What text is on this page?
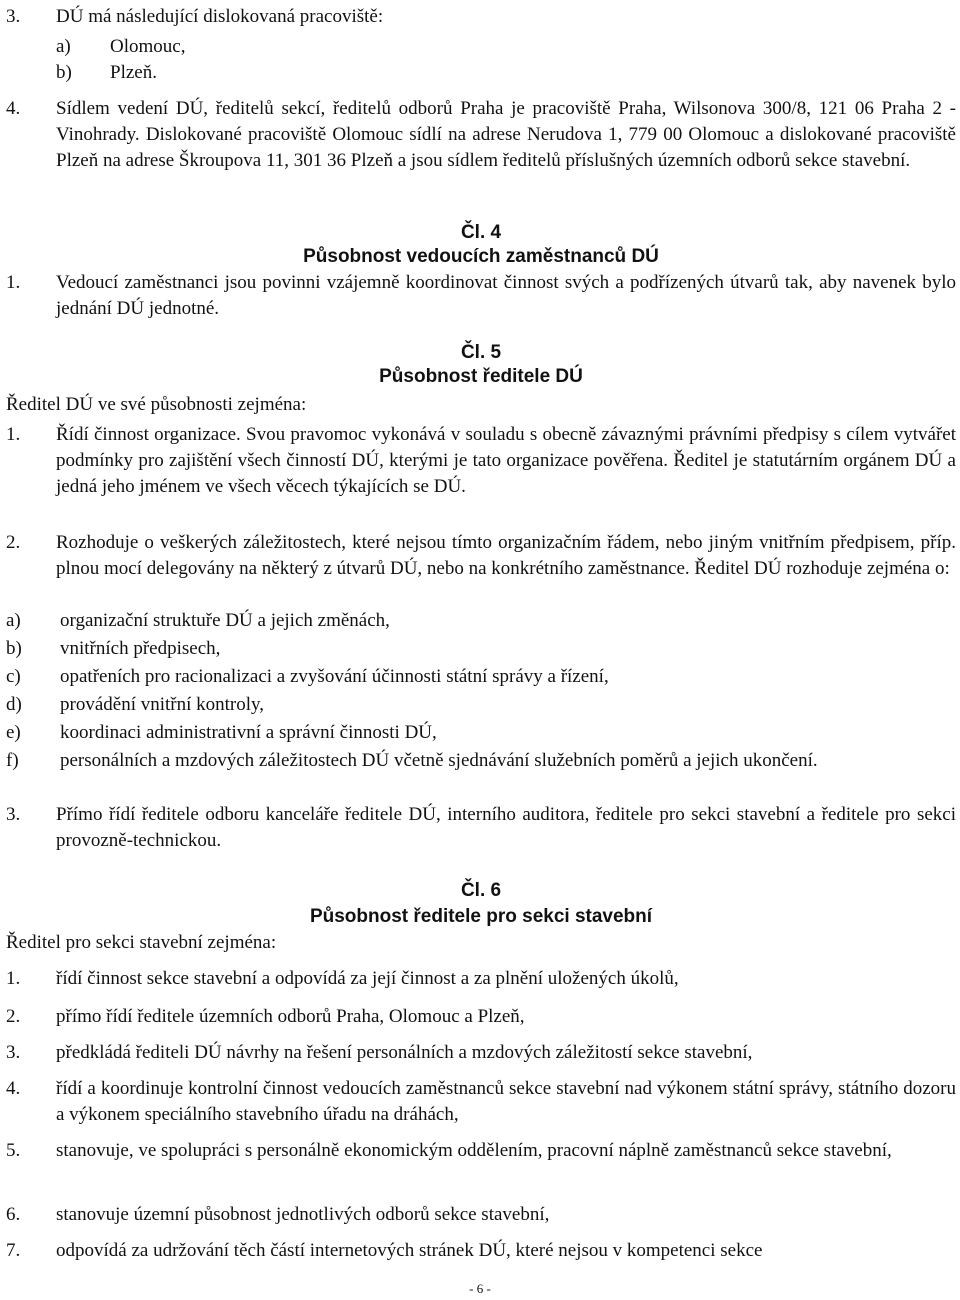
3.	DÚ má následující dislokovaná pracoviště:
a)	Olomouc,
b)	Plzeň.
4.	Sídlem vedení DÚ, ředitelů sekcí, ředitelů odborů Praha je pracoviště Praha, Wilsonova 300/8, 121 06 Praha 2 - Vinohrady. Dislokované pracoviště Olomouc sídlí na adrese Nerudova 1, 779 00 Olomouc a dislokované pracoviště Plzeň na adrese Škroupova 11, 301 36 Plzeň a jsou sídlem ředitelů příslušných územních odborů sekce stavební.
Čl. 4
Působnost vedoucích zaměstnanců DÚ
1.	Vedoucí zaměstnanci jsou povinni vzájemně koordinovat činnost svých a podřízených útvarů tak, aby navenek bylo jednání DÚ jednotné.
Čl. 5
Působnost ředitele DÚ
Ředitel DÚ ve své působnosti zejména:
1.	Řídí činnost organizace. Svou pravomoc vykonává v souladu s obecně závaznými právními předpisy s cílem vytvářet podmínky pro zajištění všech činností DÚ, kterými je tato organizace pověřena. Ředitel je statutárním orgánem DÚ a jedná jeho jménem ve všech věcech týkajících se DÚ.
2.	Rozhoduje o veškerých záležitostech, které nejsou tímto organizačním řádem, nebo jiným vnitřním předpisem, příp. plnou mocí delegovány na některý z útvarů DÚ, nebo na konkrétního zaměstnance. Ředitel DÚ rozhoduje zejména o:
a)	organizační struktuře DÚ a jejich změnách,
b)	vnitřních předpisech,
c)	opatřeních pro racionalizaci a zvyšování účinnosti státní správy a řízení,
d)	provádění vnitřní kontroly,
e)	koordinaci administrativní a správní činnosti DÚ,
f)	personálních a mzdových záležitostech DÚ včetně sjednávání služebních poměrů a jejich ukončení.
3.	Přímo řídí ředitele odboru kanceláře ředitele DÚ, interního auditora, ředitele pro sekci stavební a ředitele pro sekci provozně-technickou.
Čl. 6
Působnost ředitele pro sekci stavební
Ředitel pro sekci stavební zejména:
1.	řídí činnost sekce stavební a odpovídá za její činnost a za plnění uložených úkolů,
2.	přímo řídí ředitele územních odborů Praha, Olomouc a Plzeň,
3.	předkládá řediteli DÚ návrhy na řešení personálních a mzdových záležitostí sekce stavební,
4.	řídí a koordinuje kontrolní činnost vedoucích zaměstnanců sekce stavební nad výkonem státní správy, státního dozoru a výkonem speciálního stavebního úřadu na dráhách,
5.	stanovuje, ve spolupráci s personálně ekonomickým oddělením, pracovní náplně zaměstnanců sekce stavební,
6.	stanovuje územní působnost jednotlivých odborů sekce stavební,
7.	odpovídá za udržování těch částí internetových stránek DÚ, které nejsou v kompetenci sekce
- 6 -
